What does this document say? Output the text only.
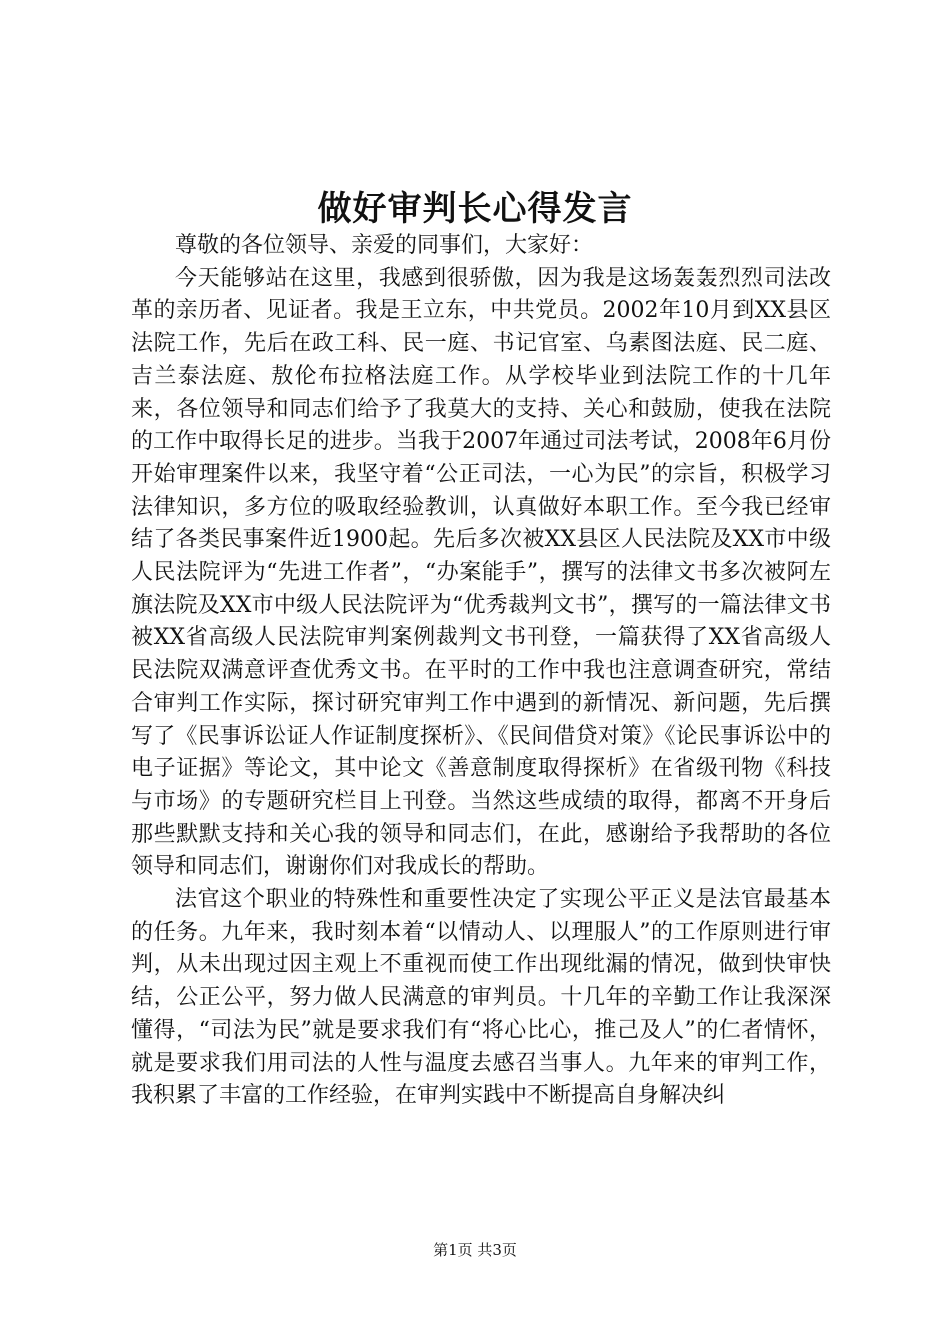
做好审判长心得发言

尊敬的各位领导、亲爱的同事们，大家好：

今天能够站在这里，我感到很骄傲，因为我是这场轰轰烈烈司法改革的亲历者、见证者。我是王立东，中共党员。2002年10月到XX县区法院工作，先后在政工科、民一庭、书记官室、乌素图法庭、民二庭、吉兰泰法庭、敖伦布拉格法庭工作。从学校毕业到法院工作的十几年来，各位领导和同志们给予了我莫大的支持、关心和鼓励，使我在法院的工作中取得长足的进步。当我于2007年通过司法考试，2008年6月份开始审理案件以来，我坚守着“公正司法，一心为民”的宗旨，积极学习法律知识，多方位的吸取经验教训，认真做好本职工作。至今我已经审结了各类民事案件近1900起。先后多次被XX县区人民法院及XX市中级人民法院评为“先进工作者”，“办案能手”，撰写的法律文书多次被阿左旗法院及XX市中级人民法院评为“优秀裁判文书”，撰写的一篇法律文书被XX省高级人民法院审判案例裁判文书刊登，一篇获得了XX省高级人民法院双满意评查优秀文书。在平时的工作中我也注意调查研究，常结合审判工作实际，探讨研究审判工作中遇到的新情况、新问题，先后撰写了《民事诉讼证人作证制度探析》、《民间借贷对策》《论民事诉讼中的电子证据》等论文，其中论文《善意制度取得探析》在省级刊物《科技与市场》的专题研究栏目上刊登。当然这些成绩的取得，都离不开身后那些默默支持和关心我的领导和同志们，在此，感谢给予我帮助的各位领导和同志们，谢谢你们对我成长的帮助。

法官这个职业的特殊性和重要性决定了实现公平正义是法官最基本的任务。九年来，我时刻本着“以情动人、以理服人”的工作原则进行审判，从未出现过因主观上不重视而使工作出现纰漏的情况，做到快审快结，公正公平，努力做人民满意的审判员。十几年的辛勤工作让我深深懂得，“司法为民”就是要求我们有“将心比心，推己及人”的仁者情怀，就是要求我们用司法的人性与温度去感召当事人。九年来的审判工作，我积累了丰富的工作经验，在审判实践中不断提高自身解决纠

第1页 共3页
